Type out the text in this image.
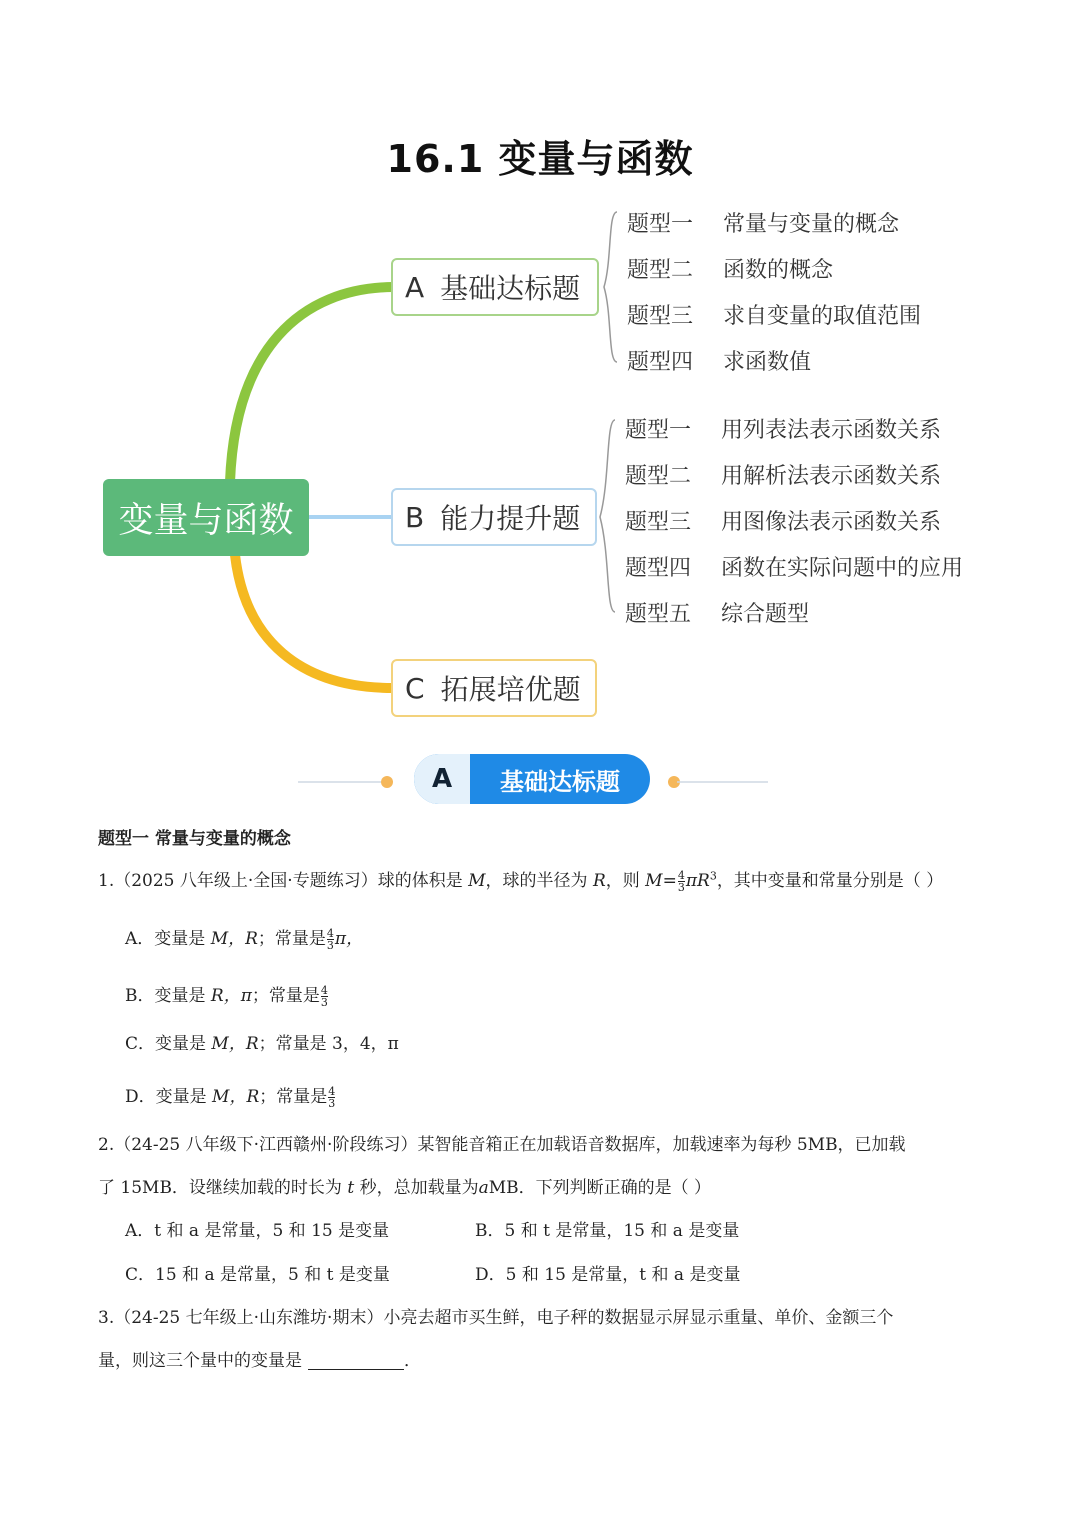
16.1 变量与函数
变量与函数
A 基础达标题
B 能力提升题
C 拓展培优题
题型一 常量与变量的概念
题型二 函数的概念
题型三 求自变量的取值范围
题型四 求函数值
题型一 用列表法表示函数关系
题型二 用解析法表示函数关系
题型三 用图像法表示函数关系
题型四 函数在实际问题中的应用
题型五 综合题型
A	基础达标题
题型一 常量与变量的概念
1.（2025 八年级上·全国·专题练习）球的体积是 M，球的半径为 R，则 $M= \frac{4}{3} \pi R^3$，其中变量和常量分别是（ ）
A．变量是 M，R；常量是 $\frac{4}{3}$ π，
B．变量是 R，π；常量是 $\frac{4}{3}$
C．变量是 M，R；常量是 3，4，π
D．变量是 M，R；常量是 $\frac{4}{3}$
2.（24-25 八年级下·江西赣州·阶段练习）某智能音箱正在加载语音数据库，加载速率为每秒 5MB，已加载
了 15MB．设继续加载的时长为 t 秒，总加载量为aMB．下列判断正确的是（ ）
A．t 和 a 是常量，5 和 15 是变量	B．5 和 t 是常量，15 和 a 是变量
C．15 和 a 是常量，5 和 t 是变量	D．5 和 15 是常量，t 和 a 是变量
3.（24-25 七年级上·山东潍坊·期末）小亮去超市买生鲜，电子秤的数据显示屏显示重量、单价、金额三个
量，则这三个量中的变量是	．
